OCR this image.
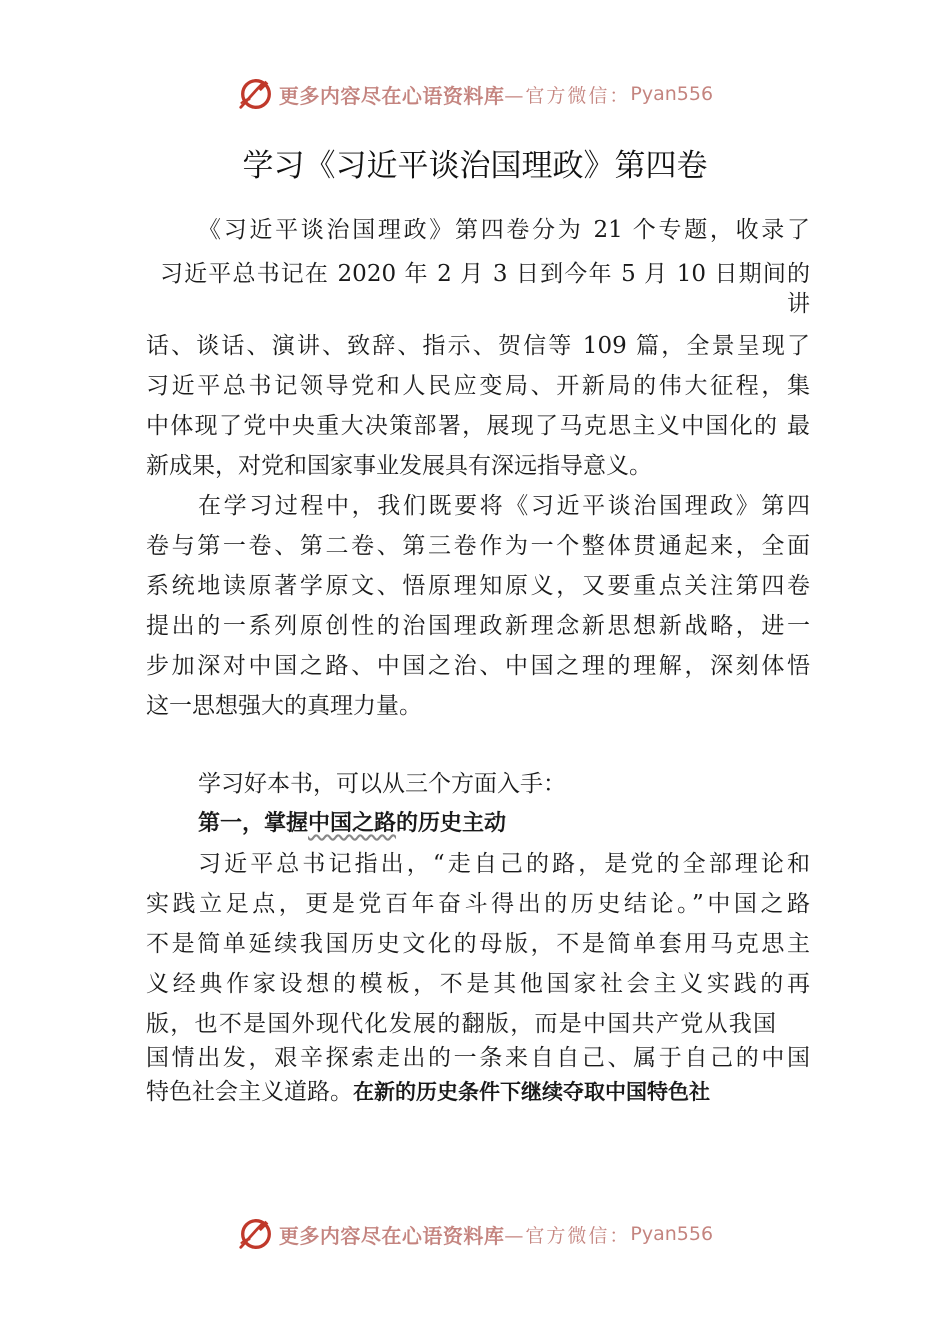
更多内容尽在心语资料库 —官方微信： Pyan556
学习《习近平谈治国理政》第四卷
《习近平谈治国理政》第四卷分为 21 个专题，收录了
习近平总书记在 2020 年 2 月 3 日到今年 5 月 10 日期间的
讲
话、谈话、演讲、致辞、指示、贺信等 109 篇，全景呈现了
习近平总书记领导党和人民应变局、开新局的伟大征程，集
中体现了党中央重大决策部署，展现了马克思主义中国化的 最
新成果，对党和国家事业发展具有深远指导意义。
在学习过程中，我们既要将《习近平谈治国理政》第四
卷与第一卷、第二卷、第三卷作为一个整体贯通起来，全面
系统地读原著学原文、悟原理知原义，又要重点关注第四卷
提出的一系列原创性的治国理政新理念新思想新战略，进一
步加深对中国之路、中国之治、中国之理的理解，深刻体悟
这一思想强大的真理力量。
学习好本书，可以从三个方面入手：
第一，掌握中国之路的历史主动
习近平总书记指出，“走自己的路，是党的全部理论和
实践立足点，更是党百年奋斗得出的历史结论。”中国之路
不是简单延续我国历史文化的母版，不是简单套用马克思主
义经典作家设想的模板，不是其他国家社会主义实践的再
版，也不是国外现代化发展的翻版，而是中国共产党从我国
国情出发，艰辛探索走出的一条来自自己、属于自己的中国
特色社会主义道路。在新的历史条件下继续夺取中国特色社
更多内容尽在心语资料库 —官方微信： Pyan556
